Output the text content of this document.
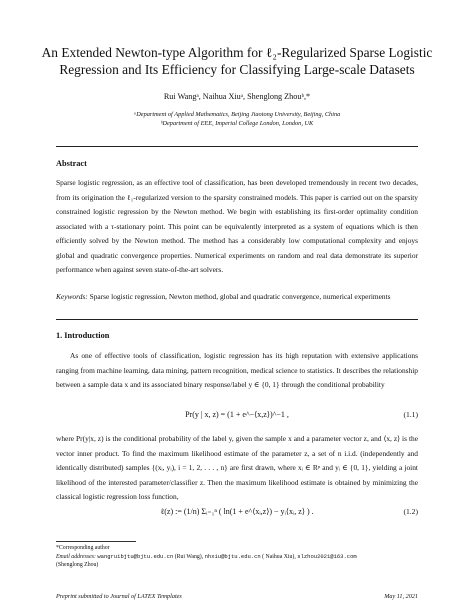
An Extended Newton-type Algorithm for ℓ₂-Regularized Sparse Logistic
Regression and Its Efficiency for Classifying Large-scale Datasets
Rui Wangᵃ, Naihua Xiuᵃ, Shenglong Zhouᵇ,*
ᵃDepartment of Applied Mathematics, Beijing Jiaotong University, Beijing, China
ᵇDepartment of EEE, Imperial College London, London, UK
Abstract

Sparse logistic regression, as an effective tool of classification, has been developed tremendously in recent two decades, from its origination the ℓ₁-regularized version to the sparsity constrained models. This paper is carried out on the sparsity constrained logistic regression by the Newton method. We begin with establishing its first-order optimality condition associated with a τ-stationary point. This point can be equivalently interpreted as a system of equations which is then efficiently solved by the Newton method. The method has a considerably low computational complexity and enjoys global and quadratic convergence properties. Numerical experiments on random and real data demonstrate its superior performance when against seven state-of-the-art solvers.

Keywords: Sparse logistic regression, Newton method, global and quadratic convergence, numerical experiments

1. Introduction

As one of effective tools of classification, logistic regression has its high reputation with extensive applications ranging from machine learning, data mining, pattern recognition, medical science to statistics. It describes the relationship between a sample data x and its associated binary response/label y ∈ {0, 1} through the conditional probability

Pr(y | x, z) = (1 + e^−⟨x,z⟩)^−1 ,	(1.1)

where Pr(y|x, z) is the conditional probability of the label y, given the sample x and a parameter vector z, and ⟨x, z⟩ is the vector inner product. To find the maximum likelihood estimate of the parameter z, a set of n i.i.d. (independently and identically distributed) samples {(xᵢ, yᵢ), i = 1, 2, . . . , n} are first drawn, where xᵢ ∈ Rᵖ and yᵢ ∈ {0, 1}, yielding a joint likelihood of the interested parameter/classifier z. Then the maximum likelihood estimate is obtained by minimizing the classical logistic regression loss function,

ℓ(z) := (1/n) Σᵢ₌₁ⁿ ( ln(1 + e^⟨xᵢ,z⟩) − yᵢ⟨xᵢ, z⟩ ) .	(1.2)
*Corresponding author
Email addresses: wangruibjtu@bjtu.edu.cn (Rui Wang), nhxiu@bjtu.edu.cn ( Naihua Xiu), slzhou2021@163.com
(Shenglong Zhou)
Preprint submitted to Journal of LATEX Templates	May 11, 2021
